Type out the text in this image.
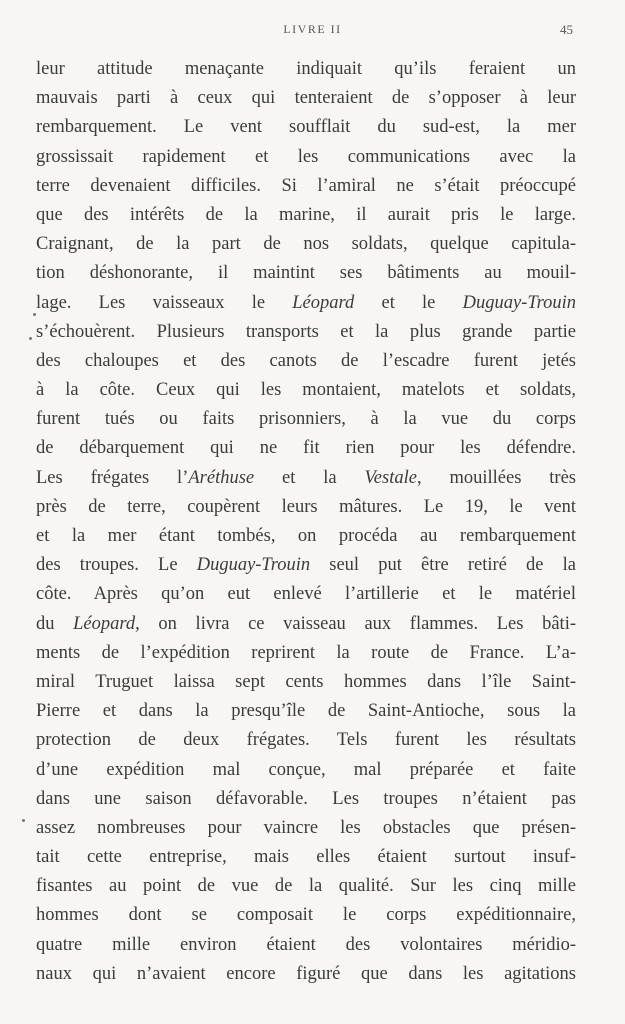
LIVRE II	45
leur attitude menaçante indiquait qu’ils feraient un
mauvais parti à ceux qui tenteraient de s’opposer à leur
rembarquement. Le vent soufflait du sud-est, la mer
grossissait rapidement et les communications avec la
terre devenaient difficiles. Si l’amiral ne s’était préoccupé
que des intérêts de la marine, il aurait pris le large.
Craignant, de la part de nos soldats, quelque capitula-
tion déshonorante, il maintint ses bâtiments au mouil-
lage. Les vaisseaux le Léopard et le Duguay-Trouin
s’échouèrent. Plusieurs transports et la plus grande partie
des chaloupes et des canots de l’escadre furent jetés
à la côte. Ceux qui les montaient, matelots et soldats,
furent tués ou faits prisonniers, à la vue du corps
de débarquement qui ne fit rien pour les défendre.
Les frégates l’Aréthuse et la Vestale, mouillées très
près de terre, coupèrent leurs mâtures. Le 19, le vent
et la mer étant tombés, on procéda au rembarquement
des troupes. Le Duguay-Trouin seul put être retiré de la
côte. Après qu’on eut enlevé l’artillerie et le matériel
du Léopard, on livra ce vaisseau aux flammes. Les bâti-
ments de l’expédition reprirent la route de France. L’a-
miral Truguet laissa sept cents hommes dans l’île Saint-
Pierre et dans la presqu’île de Saint-Antioche, sous la
protection de deux frégates. Tels furent les résultats
d’une expédition mal conçue, mal préparée et faite
dans une saison défavorable. Les troupes n’étaient pas
assez nombreuses pour vaincre les obstacles que présen-
tait cette entreprise, mais elles étaient surtout insuf-
fisantes au point de vue de la qualité. Sur les cinq mille
hommes dont se composait le corps expéditionnaire,
quatre mille environ étaient des volontaires méridio-
naux qui n’avaient encore figuré que dans les agitations
